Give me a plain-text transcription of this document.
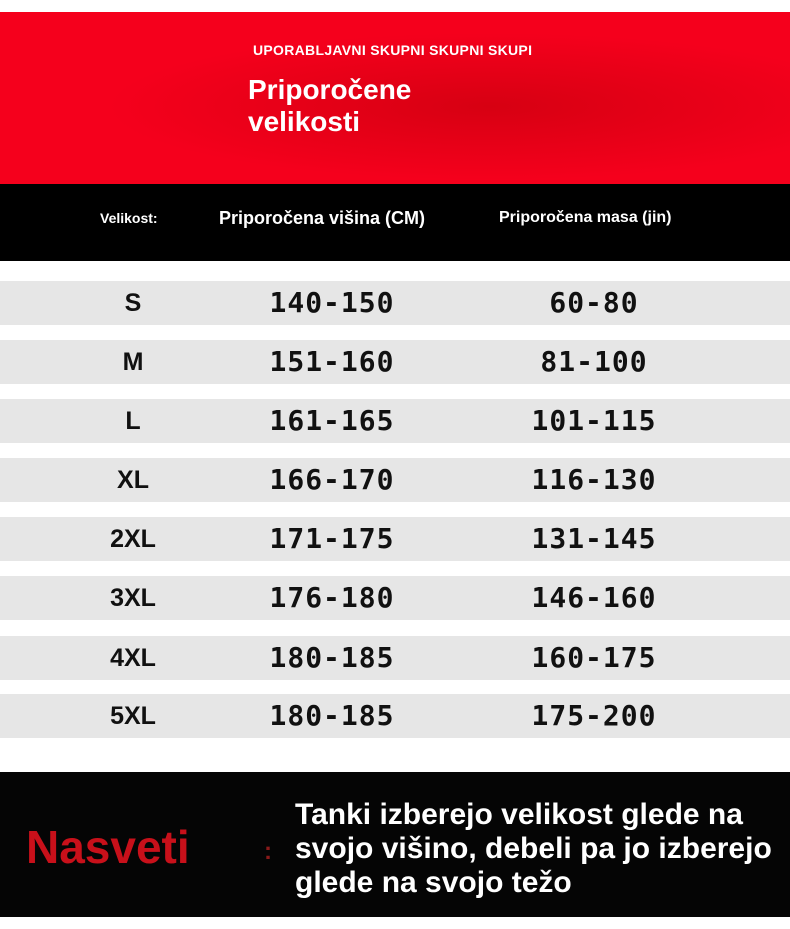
UPORABLJAVNI SKUPNI SKUPNI SKUPI
Priporočene velikosti
Velikost:	Priporočena višina (CM)	Priporočena masa (jin)
S	140-150	60-80
M	151-160	81-100
L	161-165	101-115
XL	166-170	116-130
2XL	171-175	131-145
3XL	176-180	146-160
4XL	180-185	160-175
5XL	180-185	175-200
Nasveti	:
Tanki izberejo velikost glede na svojo višino, debeli pa jo izberejo glede na svojo težo
